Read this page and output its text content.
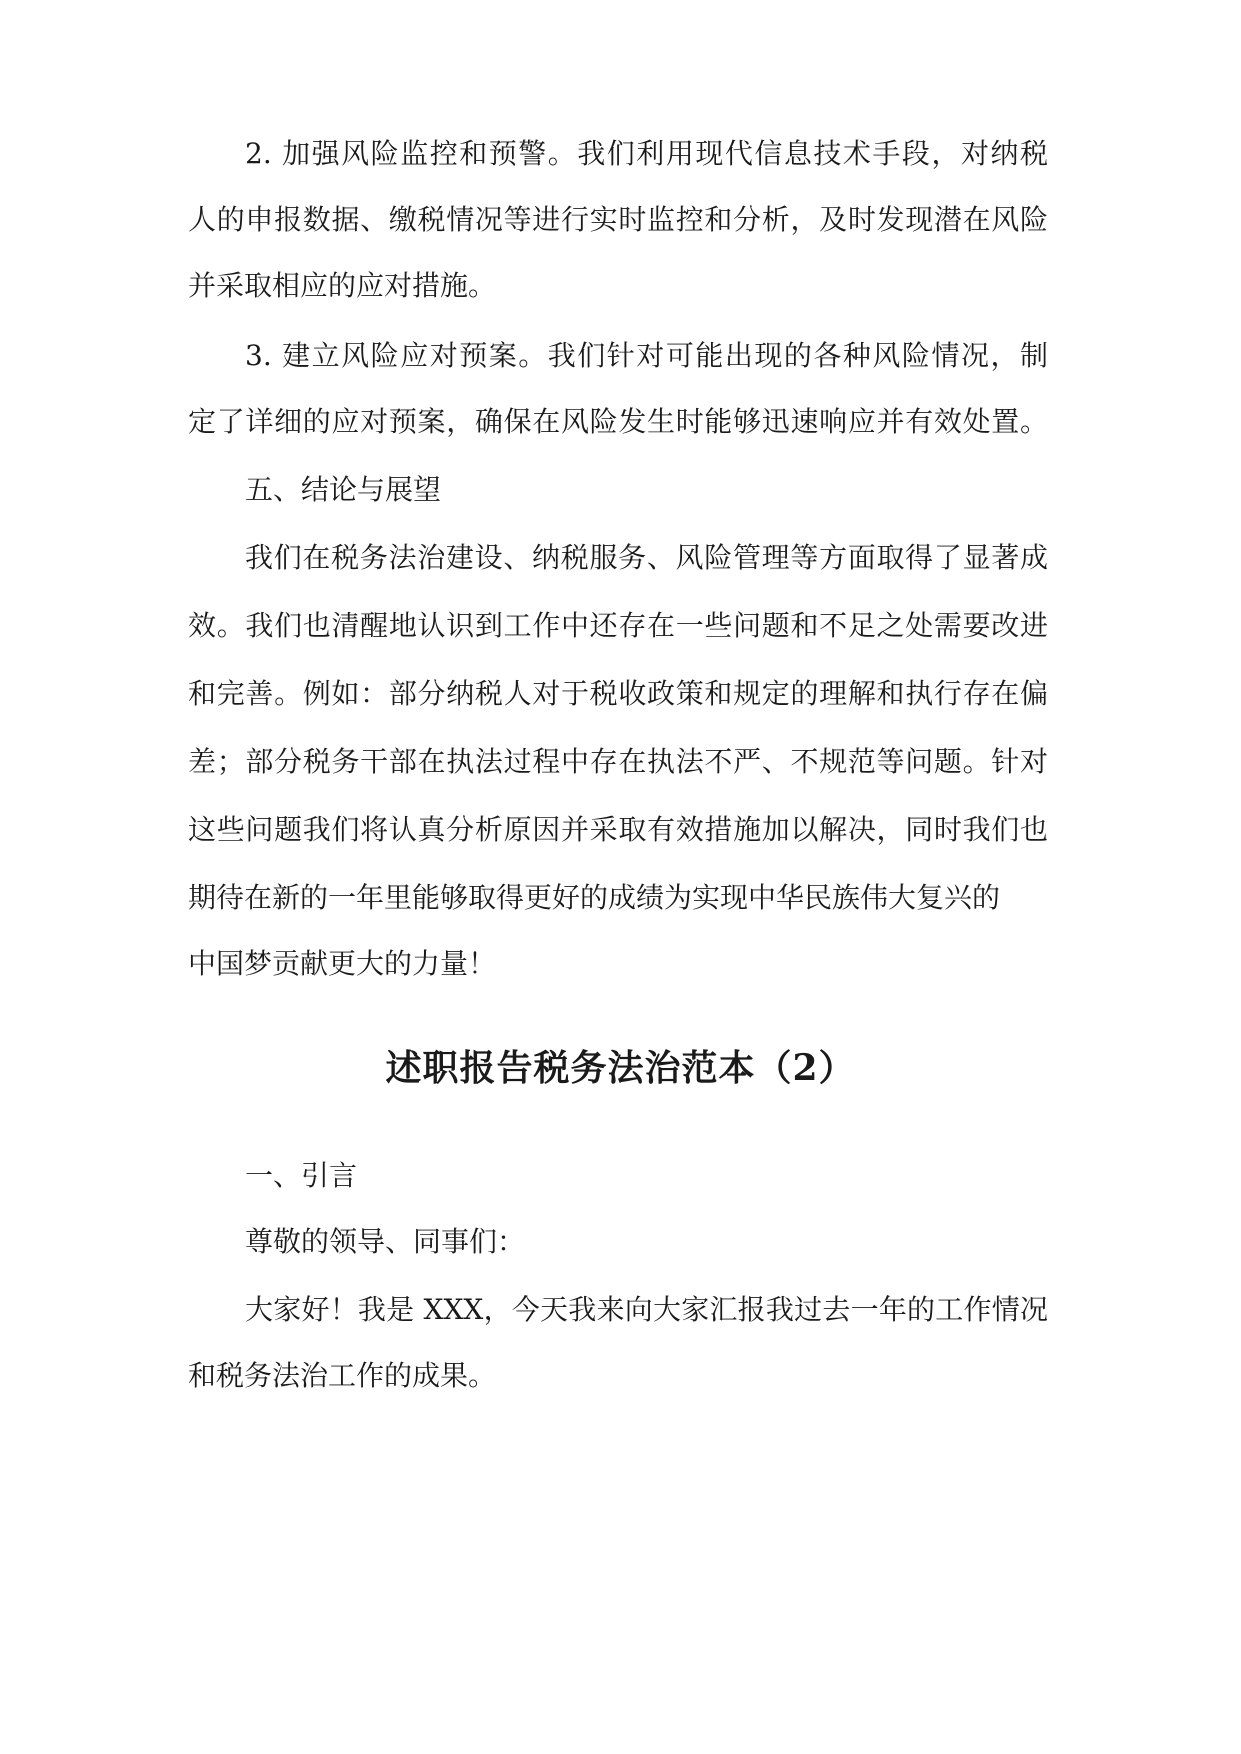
2. 加强风险监控和预警。我们利用现代信息技术手段，对纳税
人的申报数据、缴税情况等进行实时监控和分析，及时发现潜在风险
并采取相应的应对措施。
3. 建立风险应对预案。我们针对可能出现的各种风险情况，制
定了详细的应对预案，确保在风险发生时能够迅速响应并有效处置。
五、结论与展望
我们在税务法治建设、纳税服务、风险管理等方面取得了显著成
效。我们也清醒地认识到工作中还存在一些问题和不足之处需要改进
和完善。例如：部分纳税人对于税收政策和规定的理解和执行存在偏
差；部分税务干部在执法过程中存在执法不严、不规范等问题。针对
这些问题我们将认真分析原因并采取有效措施加以解决，同时我们也
期待在新的一年里能够取得更好的成绩为实现中华民族伟大复兴的
中国梦贡献更大的力量！
述职报告税务法治范本（2）
一、引言
尊敬的领导、同事们：
大家好！我是 XXX，今天我来向大家汇报我过去一年的工作情况
和税务法治工作的成果。
